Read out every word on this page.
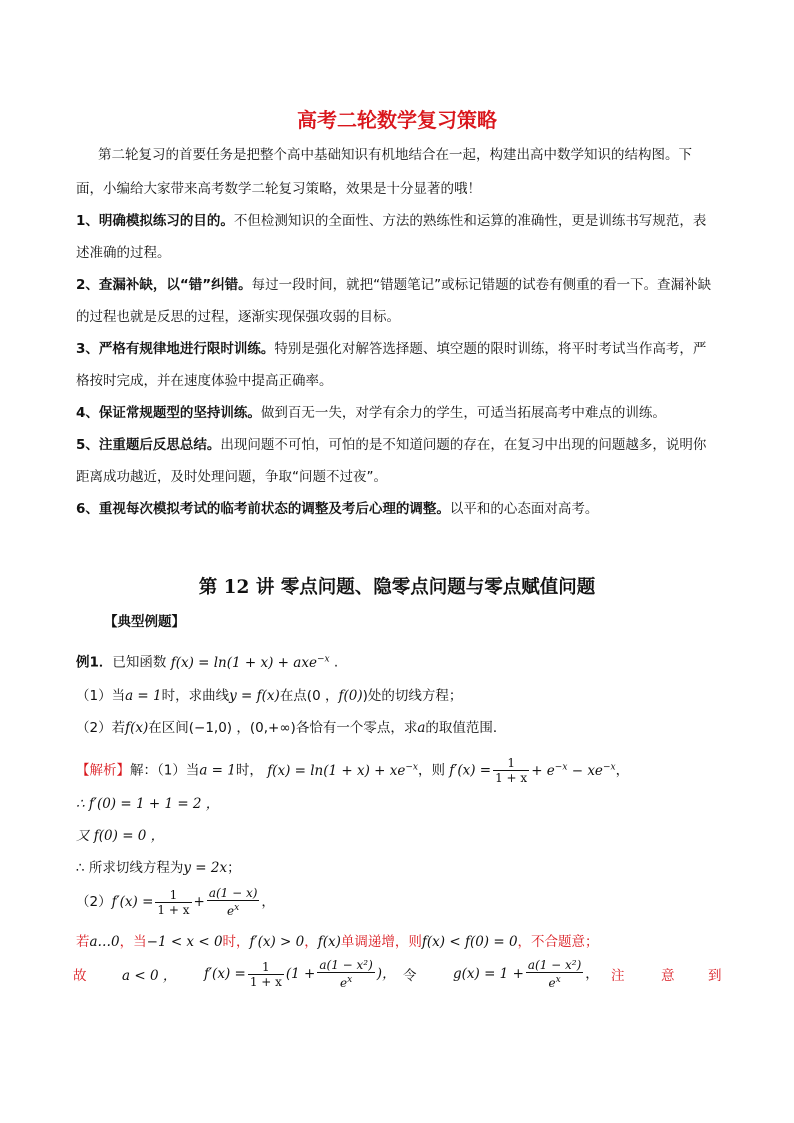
高考二轮数学复习策略
第二轮复习的首要任务是把整个高中基础知识有机地结合在一起，构建出高中数学知识的结构图。下
面，小编给大家带来高考数学二轮复习策略，效果是十分显著的哦！
1、明确模拟练习的目的。不但检测知识的全面性、方法的熟练性和运算的准确性，更是训练书写规范，表
述准确的过程。
2、查漏补缺，以“错”纠错。每过一段时间，就把“错题笔记”或标记错题的试卷有侧重的看一下。查漏补缺
的过程也就是反思的过程，逐渐实现保强攻弱的目标。
3、严格有规律地进行限时训练。特别是强化对解答选择题、填空题的限时训练，将平时考试当作高考，严
格按时完成，并在速度体验中提高正确率。
4、保证常规题型的坚持训练。做到百无一失，对学有余力的学生，可适当拓展高考中难点的训练。
5、注重题后反思总结。出现问题不可怕，可怕的是不知道问题的存在，在复习中出现的问题越多，说明你
距离成功越近，及时处理问题，争取“问题不过夜”。
6、重视每次模拟考试的临考前状态的调整及考后心理的调整。以平和的心态面对高考。
第 12 讲 零点问题、隐零点问题与零点赋值问题
【典型例题】
例1．已知函数 f(x) = ln(1 + x) + axe$^{-x}$ .
（1）当a = 1时，求曲线y = f(x)在点(0 ，f(0))处的切线方程；
（2）若f(x)在区间(−1,0) ，(0,+∞)各恰有一个零点，求a的取值范围．
【解析】解：（1）当a = 1时， $f(x) = \ln(1 + x) + xe^{-x}$，则 $f'(x) = \frac{1}{1 + x} + e^{-x} - xe^{-x}$，
∴ f′(0) = 1 + 1 = 2 ，
又 f(0) = 0 ，
∴ 所求切线方程为y = 2x；
$(2)f'(x) = \frac{1}{1 + x} + \frac{a(1 - x)}{e^x}$ ，
若a…0，当−1 < x < 0时，f′(x) > 0，f(x)单调递增，则f(x) < f(0) = 0，不合题意；
故	a < 0 ， $f'(x) = \frac{1}{1 + x} (1 + \frac{\text{a(1 − x²)}}{e^x}$ )， 令	$g(x) = 1 + \frac{\text{a(1 − x²)}}{e^x}$ ， 注	意 到
